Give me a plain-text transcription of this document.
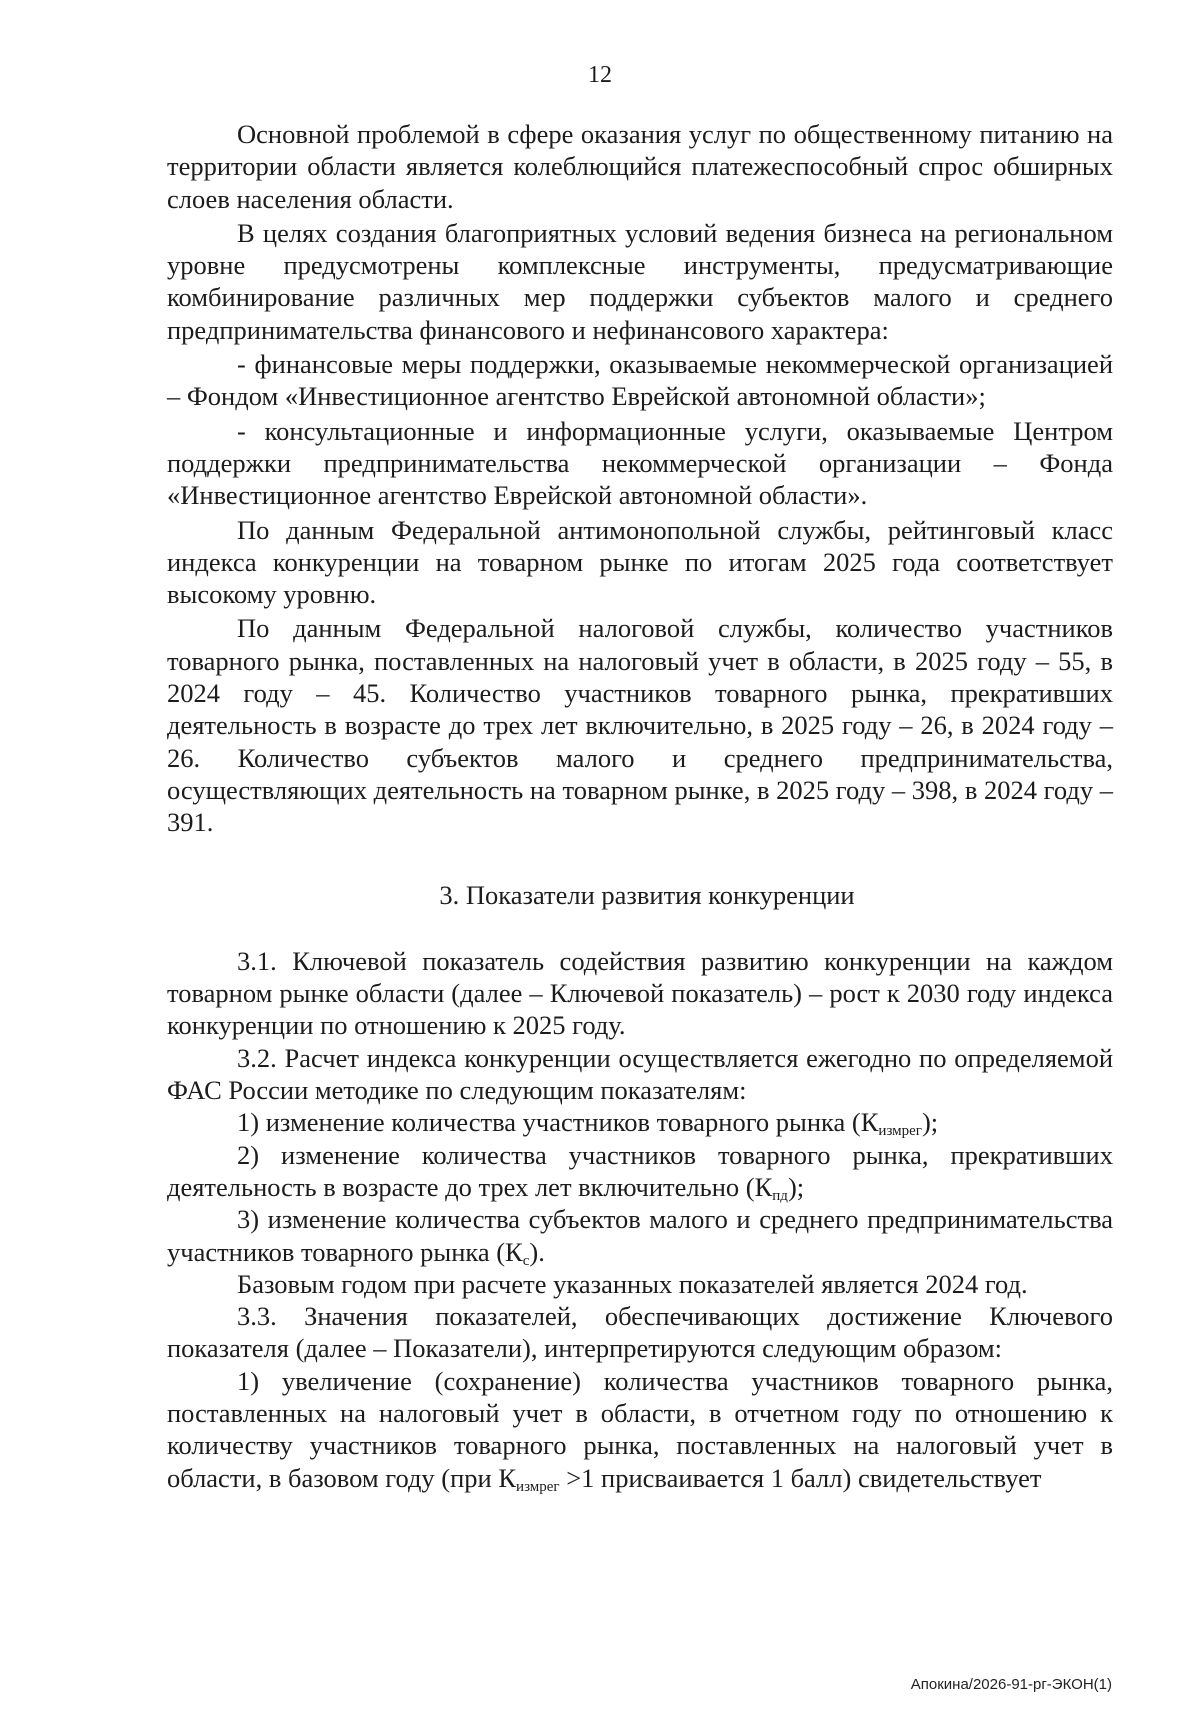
12

Основной проблемой в сфере оказания услуг по общественному питанию на территории области является колеблющийся платежеспособный спрос обширных слоев населения области.

В целях создания благоприятных условий ведения бизнеса на региональном уровне предусмотрены комплексные инструменты, предусматривающие комбинирование различных мер поддержки субъектов малого и среднего предпринимательства финансового и нефинансового характера:

- финансовые меры поддержки, оказываемые некоммерческой организацией – Фондом «Инвестиционное агентство Еврейской автономной области»;

- консультационные и информационные услуги, оказываемые Центром поддержки предпринимательства некоммерческой организации – Фонда «Инвестиционное агентство Еврейской автономной области».

По данным Федеральной антимонопольной службы, рейтинговый класс индекса конкуренции на товарном рынке по итогам 2025 года соответствует высокому уровню.

По данным Федеральной налоговой службы, количество участников товарного рынка, поставленных на налоговый учет в области, в 2025 году – 55, в 2024 году – 45. Количество участников товарного рынка, прекративших деятельность в возрасте до трех лет включительно, в 2025 году – 26, в 2024 году – 26. Количество субъектов малого и среднего предпринимательства, осуществляющих деятельность на товарном рынке, в 2025 году – 398, в 2024 году – 391.

3. Показатели развития конкуренции

3.1. Ключевой показатель содействия развитию конкуренции на каждом товарном рынке области (далее – Ключевой показатель) – рост к 2030 году индекса конкуренции по отношению к 2025 году.

3.2. Расчет индекса конкуренции осуществляется ежегодно по определяемой ФАС России методике по следующим показателям:

1) изменение количества участников товарного рынка $(К_{измрег})$;

2) изменение количества участников товарного рынка, прекративших деятельность в возрасте до трех лет включительно $(К_{пд})$;

3) изменение количества субъектов малого и среднего предпринимательства участников товарного рынка $(К_с)$.

Базовым годом при расчете указанных показателей является 2024 год.

3.3. Значения показателей, обеспечивающих достижение Ключевого показателя (далее – Показатели), интерпретируются следующим образом:

1) увеличение (сохранение) количества участников товарного рынка, поставленных на налоговый учет в области, в отчетном году по отношению к количеству участников товарного рынка, поставленных на налоговый учет в области, в базовом году (при $К_{измрег} >1$ присваивается 1 балл) свидетельствует

Апокина/2026-91-рг-ЭКОН(1)
